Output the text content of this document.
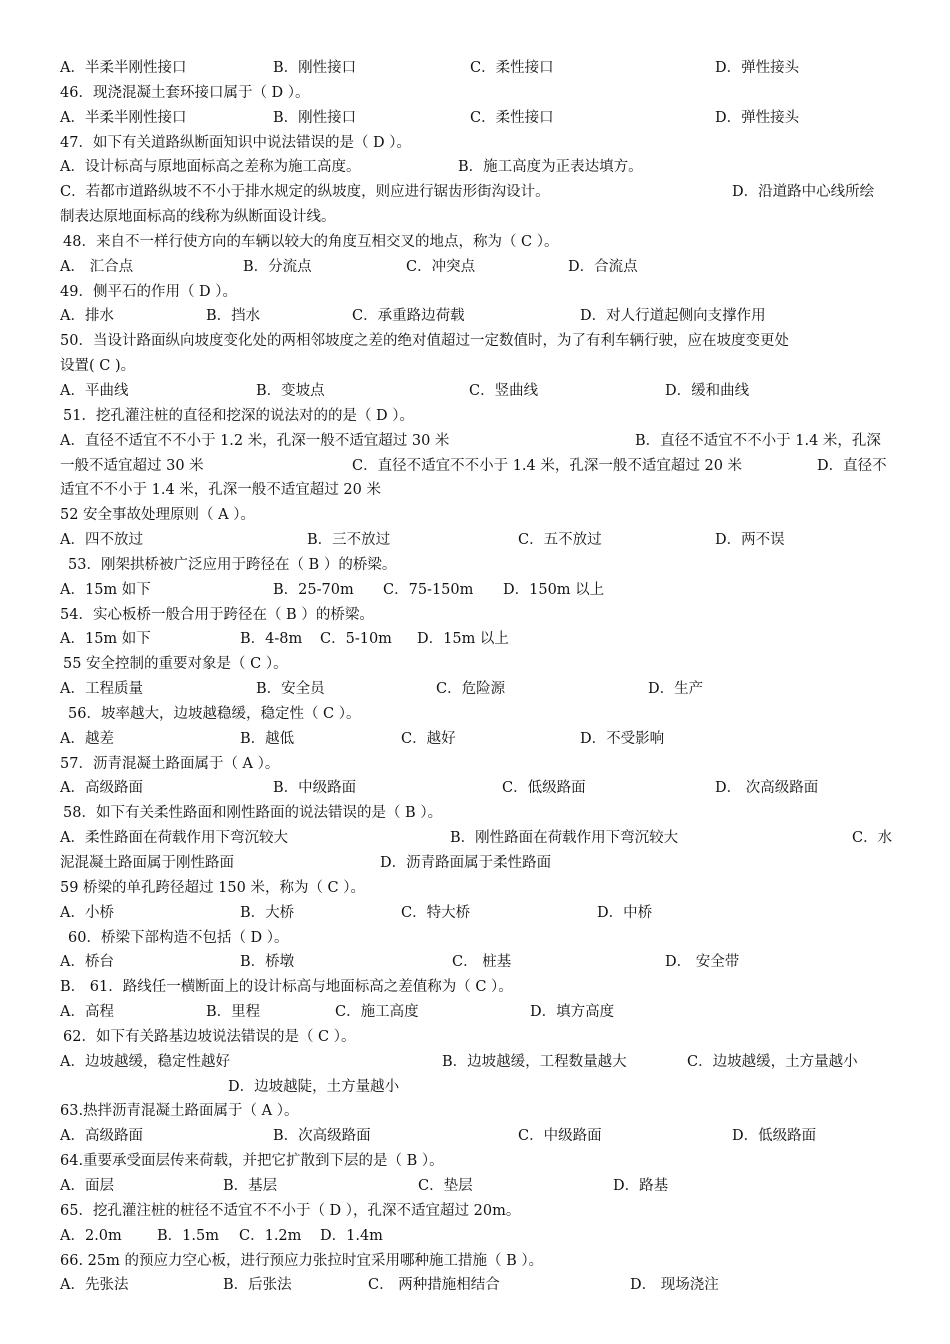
A．半柔半刚性接口	B．刚性接口	C．柔性接口	D．弹性接头
46．现浇混凝土套环接口属于（ D ）。
A．半柔半刚性接口	B．刚性接口	C．柔性接口	D．弹性接头
47．如下有关道路纵断面知识中说法错误的是（ D ）。
A．设计标高与原地面标高之差称为施工高度。	B．施工高度为正表达填方。
C．若都市道路纵坡不不小于排水规定的纵坡度，则应进行锯齿形街沟设计。	D．沿道路中心线所绘
制表达原地面标高的线称为纵断面设计线。
48．来自不一样行使方向的车辆以较大的角度互相交叉的地点，称为（ C ）。
A． 汇合点	B．分流点	C．冲突点	D．合流点
49．侧平石的作用（ D ）。
A．排水	B．挡水	C．承重路边荷载	D．对人行道起侧向支撑作用
50．当设计路面纵向坡度变化处的两相邻坡度之差的绝对值超过一定数值时，为了有利车辆行驶，应在坡度变更处
设置( C )。
A．平曲线	B．变坡点	C．竖曲线	D．缓和曲线
51．挖孔灌注桩的直径和挖深的说法对的的是（ D ）。
A．直径不适宜不不小于 1.2 米，孔深一般不适宜超过 30 米	B．直径不适宜不不小于 1.4 米，孔深
一般不适宜超过 30 米	C．直径不适宜不不小于 1.4 米，孔深一般不适宜超过 20 米	D．直径不
适宜不不小于 1.4 米，孔深一般不适宜超过 20 米
52 安全事故处理原则（ A ）。
A．四不放过	B．三不放过	C．五不放过	D．两不误
53．刚架拱桥被广泛应用于跨径在（ B ）的桥梁。
A．15m 如下	B．25-70m C．75-150m D．150m 以上
54．实心板桥一般合用于跨径在（ B ）的桥梁。
A．15m 如下	B．4-8m C．5-10m D．15m 以上
55 安全控制的重要对象是（ C ）。
A．工程质量	B．安全员	C．危险源	D．生产
56．坡率越大，边坡越稳缓，稳定性（ C ）。
A．越差	B．越低	C．越好	D．不受影响
57．沥青混凝土路面属于（ A ）。
A．高级路面	B．中级路面	C．低级路面	D． 次高级路面
58．如下有关柔性路面和刚性路面的说法错误的是（ B ）。
A．柔性路面在荷载作用下弯沉较大	B．刚性路面在荷载作用下弯沉较大	C．水
泥混凝土路面属于刚性路面	D．沥青路面属于柔性路面
59 桥梁的单孔跨径超过 150 米，称为（ C ）。
A．小桥	B．大桥	C．特大桥	D．中桥
60．桥梁下部构造不包括（ D ）。
A．桥台	B．桥墩	C． 桩基	D． 安全带
B． 61．路线任一横断面上的设计标高与地面标高之差值称为（ C ）。
A．高程	B．里程	C．施工高度	D．填方高度
62．如下有关路基边坡说法错误的是（ C ）。
A．边坡越缓，稳定性越好	B．边坡越缓，工程数量越大	C．边坡越缓，土方量越小
D．边坡越陡，土方量越小
63.热拌沥青混凝土路面属于（ A ）。
A．高级路面	B．次高级路面	C．中级路面	D．低级路面
64.重要承受面层传来荷载，并把它扩散到下层的是（ B ）。
A．面层	B．基层	C．垫层	D．路基
65．挖孔灌注桩的桩径不适宜不不小于（ D ），孔深不适宜超过 20m。
A．2.0m B．1.5m C．1.2m D．1.4m
66. 25m 的预应力空心板，进行预应力张拉时宜采用哪种施工措施（ B ）。
A．先张法	B．后张法	C． 两种措施相结合	D． 现场浇注
